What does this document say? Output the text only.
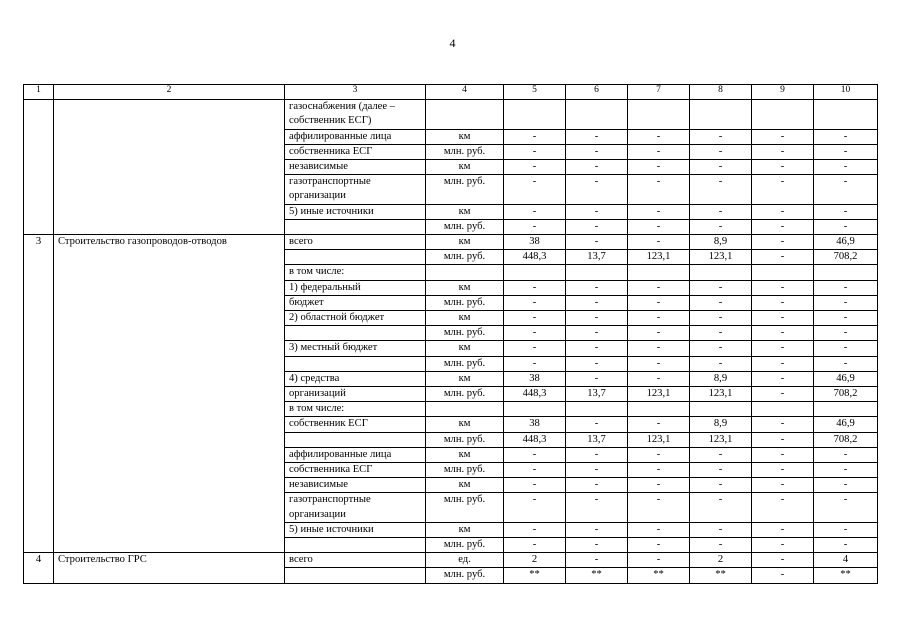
4
1	2	3	4	5	6	7	8	9	10
		газоснабжения (далее – собственник ЕСГ)							
		аффилированные лица	км	-	-	-	-	-	-
		собственника ЕСГ	млн. руб.	-	-	-	-	-	-
		независимые	км	-	-	-	-	-	-
		газотранспортные организации	млн. руб.	-	-	-	-	-	-
		5) иные источники	км	-	-	-	-	-	-
			млн. руб.	-	-	-	-	-	-
3	Строительство газопроводов-отводов	всего	км	38	-	-	8,9	-	46,9
			млн. руб.	448,3	13,7	123,1	123,1	-	708,2
		в том числе:							
		1) федеральный	км	-	-	-	-	-	-
		бюджет	млн. руб.	-	-	-	-	-	-
		2) областной бюджет	км	-	-	-	-	-	-
			млн. руб.	-	-	-	-	-	-
		3) местный бюджет	км	-	-	-	-	-	-
			млн. руб.	-	-	-	-	-	-
		4) средства	км	38	-	-	8,9	-	46,9
		организаций	млн. руб.	448,3	13,7	123,1	123,1	-	708,2
		в том числе:							
		собственник ЕСГ	км	38	-	-	8,9	-	46,9
			млн. руб.	448,3	13,7	123,1	123,1	-	708,2
		аффилированные лица	км	-	-	-	-	-	-
		собственника ЕСГ	млн. руб.	-	-	-	-	-	-
		независимые	км	-	-	-	-	-	-
		газотранспортные организации	млн. руб.	-	-	-	-	-	-
		5) иные источники	км	-	-	-	-	-	-
			млн. руб.	-	-	-	-	-	-
4	Строительство ГРС	всего	ед.	2	-	-	2	-	4
			млн. руб.	**	**	**	**	-	**
